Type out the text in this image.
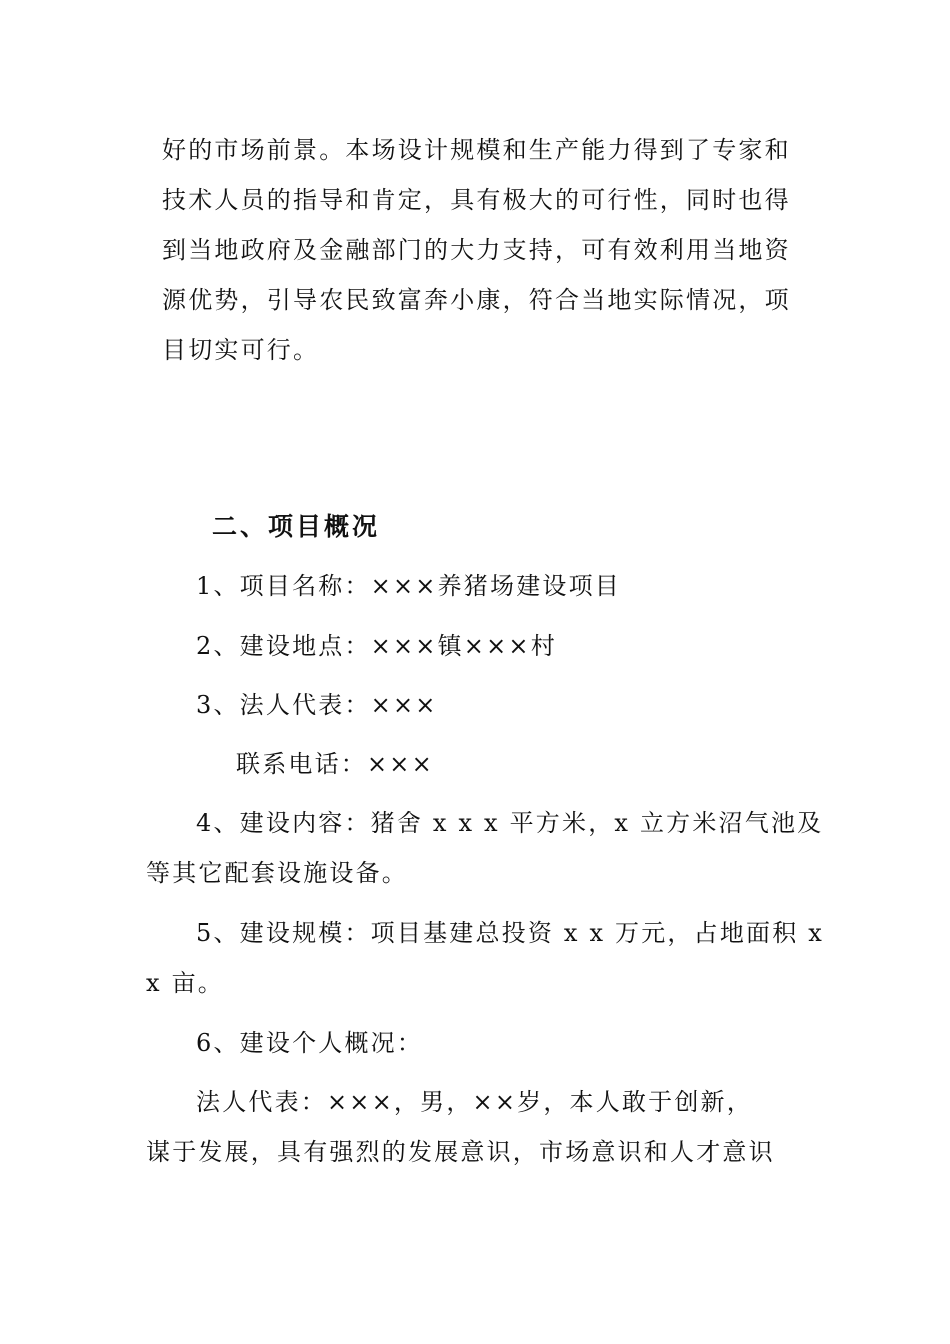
好的市场前景。本场设计规模和生产能力得到了专家和
技术人员的指导和肯定，具有极大的可行性，同时也得
到当地政府及金融部门的大力支持，可有效利用当地资
源优势，引导农民致富奔小康，符合当地实际情况，项
目切实可行。
二、项目概况
1、项目名称：×××养猪场建设项目
2、建设地点：×××镇×××村
3、法人代表：×××
联系电话：×××
4、建设内容：猪舍 x x x 平方米，x 立方米沼气池及
等其它配套设施设备。
5、建设规模：项目基建总投资 x x 万元，占地面积 x
x 亩。
6、建设个人概况：
法人代表：×××，男，××岁，本人敢于创新，
谋于发展，具有强烈的发展意识，市场意识和人才意识
